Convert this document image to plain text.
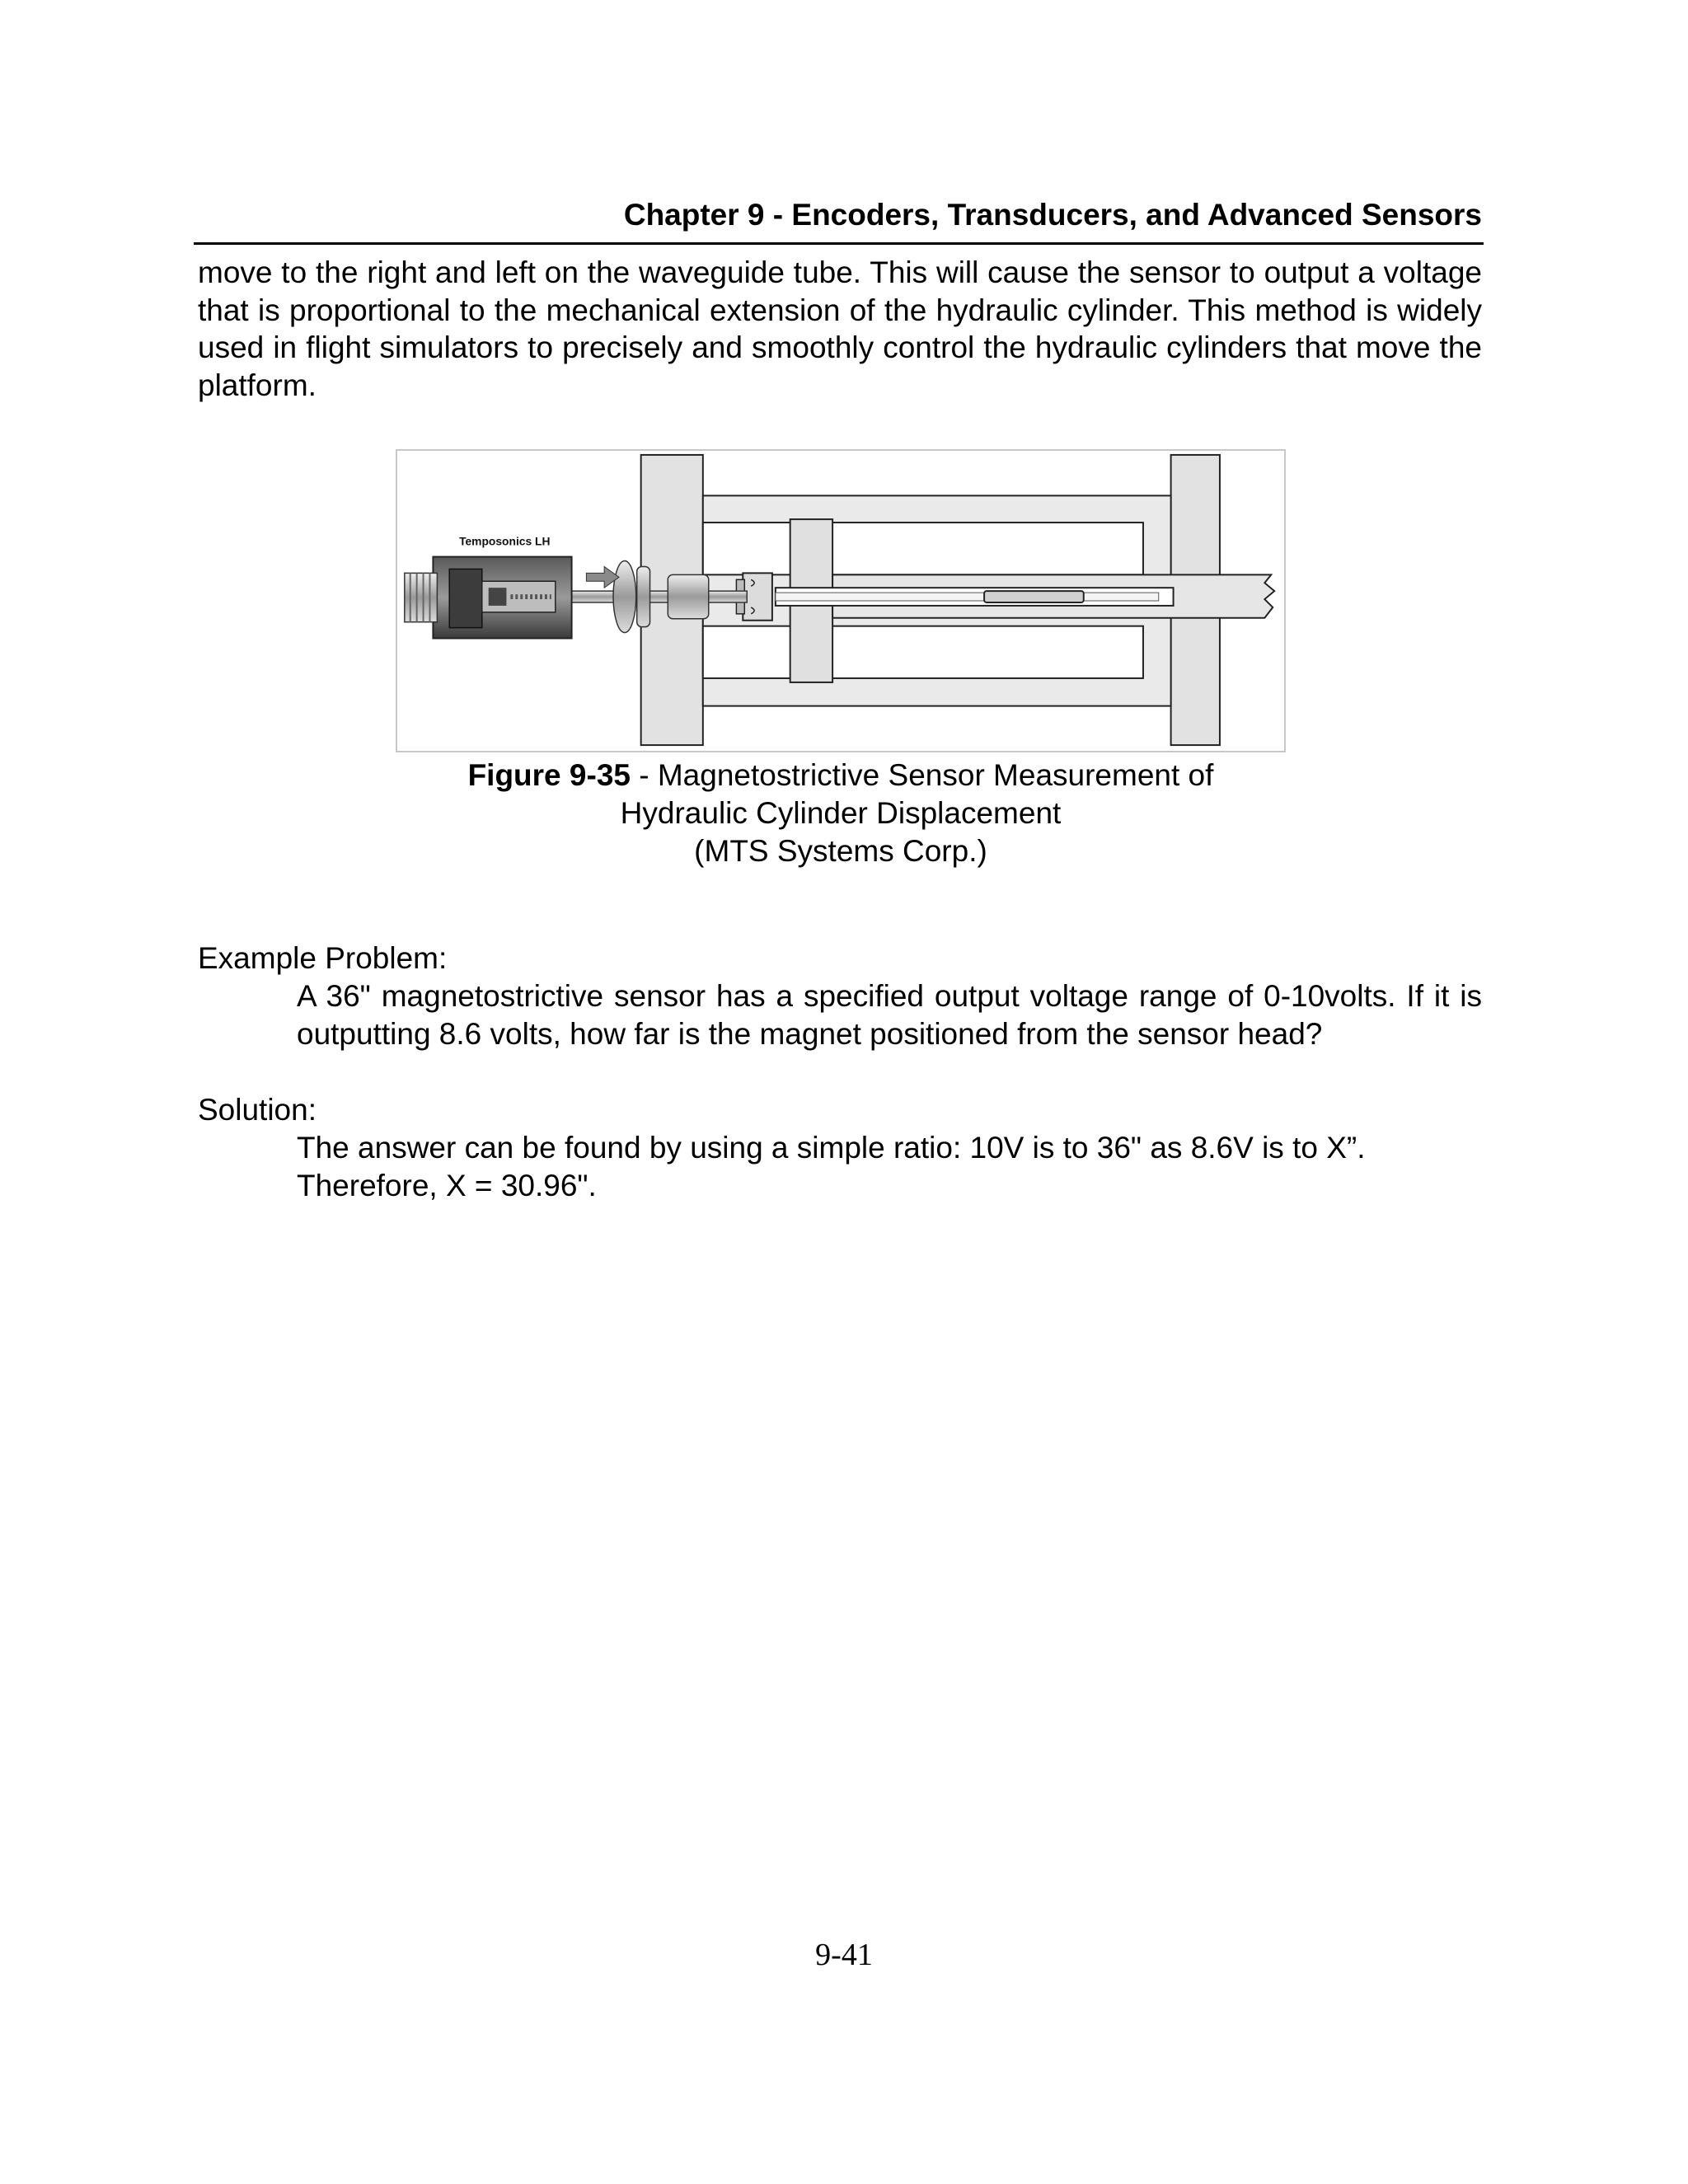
Chapter 9 - Encoders, Transducers, and Advanced Sensors

move to the right and left on the waveguide tube. This will cause the sensor to output a voltage that is proportional to the mechanical extension of the hydraulic cylinder. This method is widely used in flight simulators to precisely and smoothly control the hydraulic cylinders that move the platform.

Temposonics LH
Figure 9-35 - Magnetostrictive Sensor Measurement of
Hydraulic Cylinder Displacement
(MTS Systems Corp.)
Example Problem:

A 36" magnetostrictive sensor has a specified output voltage range of 0-10volts. If it is outputting 8.6 volts, how far is the magnet positioned from the sensor head?

Solution:

The answer can be found by using a simple ratio: 10V is to 36" as 8.6V is to X”.

Therefore, X = 30.96".

9-41
